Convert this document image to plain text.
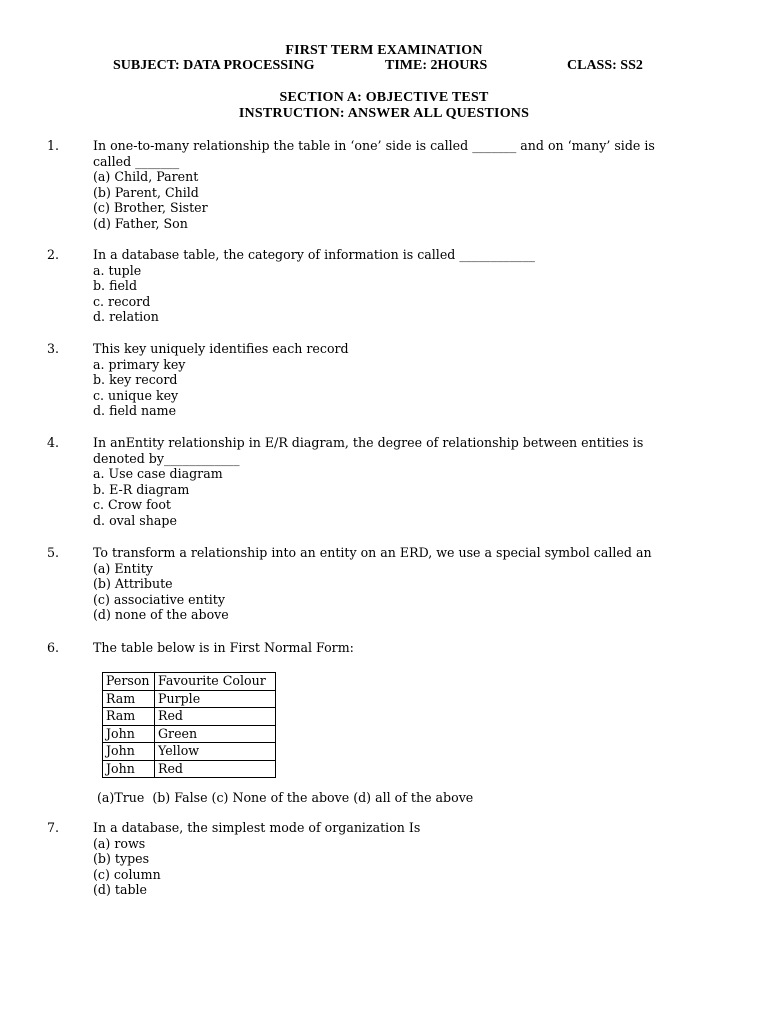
FIRST TERM EXAMINATION
SUBJECT: DATA PROCESSING	TIME: 2HOURS	CLASS: SS2
SECTION A: OBJECTIVE TEST
INSTRUCTION: ANSWER ALL QUESTIONS
1.	In one-to-many relationship the table in ‘one’ side is called _______ and on ‘many’ side is
called _______
(a) Child, Parent
(b) Parent, Child
(c) Brother, Sister
(d) Father, Son
2.	In a database table, the category of information is called ____________
a. tuple
b. field
c. record
d. relation
3.	This key uniquely identifies each record
a. primary key
b. key record
c. unique key
d. field name
4.	In anEntity relationship in E/R diagram, the degree of relationship between entities is
denoted by____________
a. Use case diagram
b. E-R diagram
c. Crow foot
d. oval shape
5.	To transform a relationship into an entity on an ERD, we use a special symbol called an
(a) Entity
(b) Attribute
(c) associative entity
(d) none of the above
6.	The table below is in First Normal Form:
Person	Favourite Colour
Ram	Purple
Ram	Red
John	Green
John	Yellow
John	Red
(a)True  (b) False (c) None of the above (d) all of the above
7.	In a database, the simplest mode of organization Is
(a) rows
(b) types
(c) column
(d) table
